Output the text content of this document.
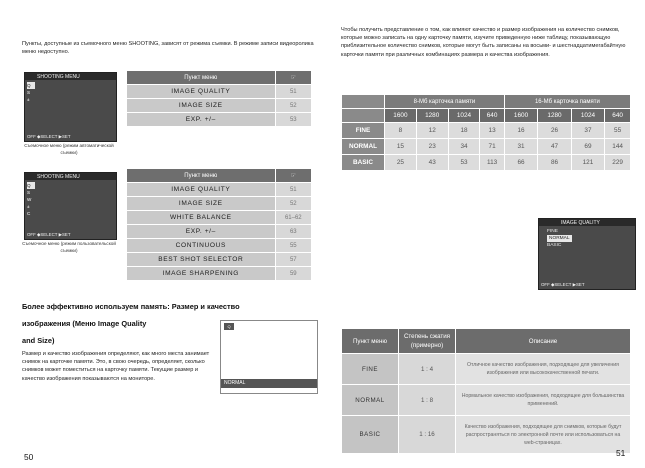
Пункты, доступные из съемочного меню SHOOTING, зависят от режима съемки. В режиме записи видеоролика меню недоступно.
SHOOTING MENU
Q
S
±
OFF ◆SELECT ▶SET
Съемочное меню (режим автоматической съемки)
Пункт меню	☞
IMAGE QUALITY	51
IMAGE SIZE	52
EXP. +/–	53
SHOOTING MENU
Q
S
W
±
C
OFF ◆SELECT ▶SET
Съемочное меню (режим пользовательской съемки)
Пункт меню	☞
IMAGE QUALITY	51
IMAGE SIZE	52
WHITE BALANCE	61–62
EXP. +/–	63
CONTINUOUS	55
BEST SHOT SELECTOR	57
IMAGE SHARPENING	59
Более эффективно используем память: Размер и качество
изображения (Меню Image Quality
and Size)
Размер и качество изображения определяют, как много места занимает снимок на карточке памяти. Это, в свою очередь, определяет, сколько снимков может поместиться на карточку памяти. Текущие размер и качество изображения показываются на мониторе.
Q
NORMAL
50
Чтобы получить представление о том, как влияют качество и размер изображения на количество снимков, которые можно записать на одну карточку памяти, изучите приведенную ниже таблицу, показывающую приблизительное количество снимков, которые могут быть записаны на восьми- и шестнадцатимегабайтную карточки памяти при различных комбинациях размера и качества изображения.
	8-Мб карточка памяти				16-Мб карточка памяти			
	1600	1280	1024	640	1600	1280	1024	640
FINE	8	12	18	13	16	26	37	55
NORMAL	15	23	34	71	31	47	69	144
BASIC	25	43	53	113	66	86	121	229
IMAGE QUALITY
FINE
NORMAL
BASIC
OFF ◆SELECT ▶SET
Пункт меню	Степень сжатия (примерно)	Описание
FINE	1 : 4	Отличное качество изображения, подходящее для увеличения изображения или высококачественной печати.
NORMAL	1 : 8	Нормальное качество изображения, подходящее для большинства применений.
BASIC	1 : 16	Качество изображения, подходящее для снимков, которые будут распространяться по электронной почте или использоваться на web-страницах.
51
